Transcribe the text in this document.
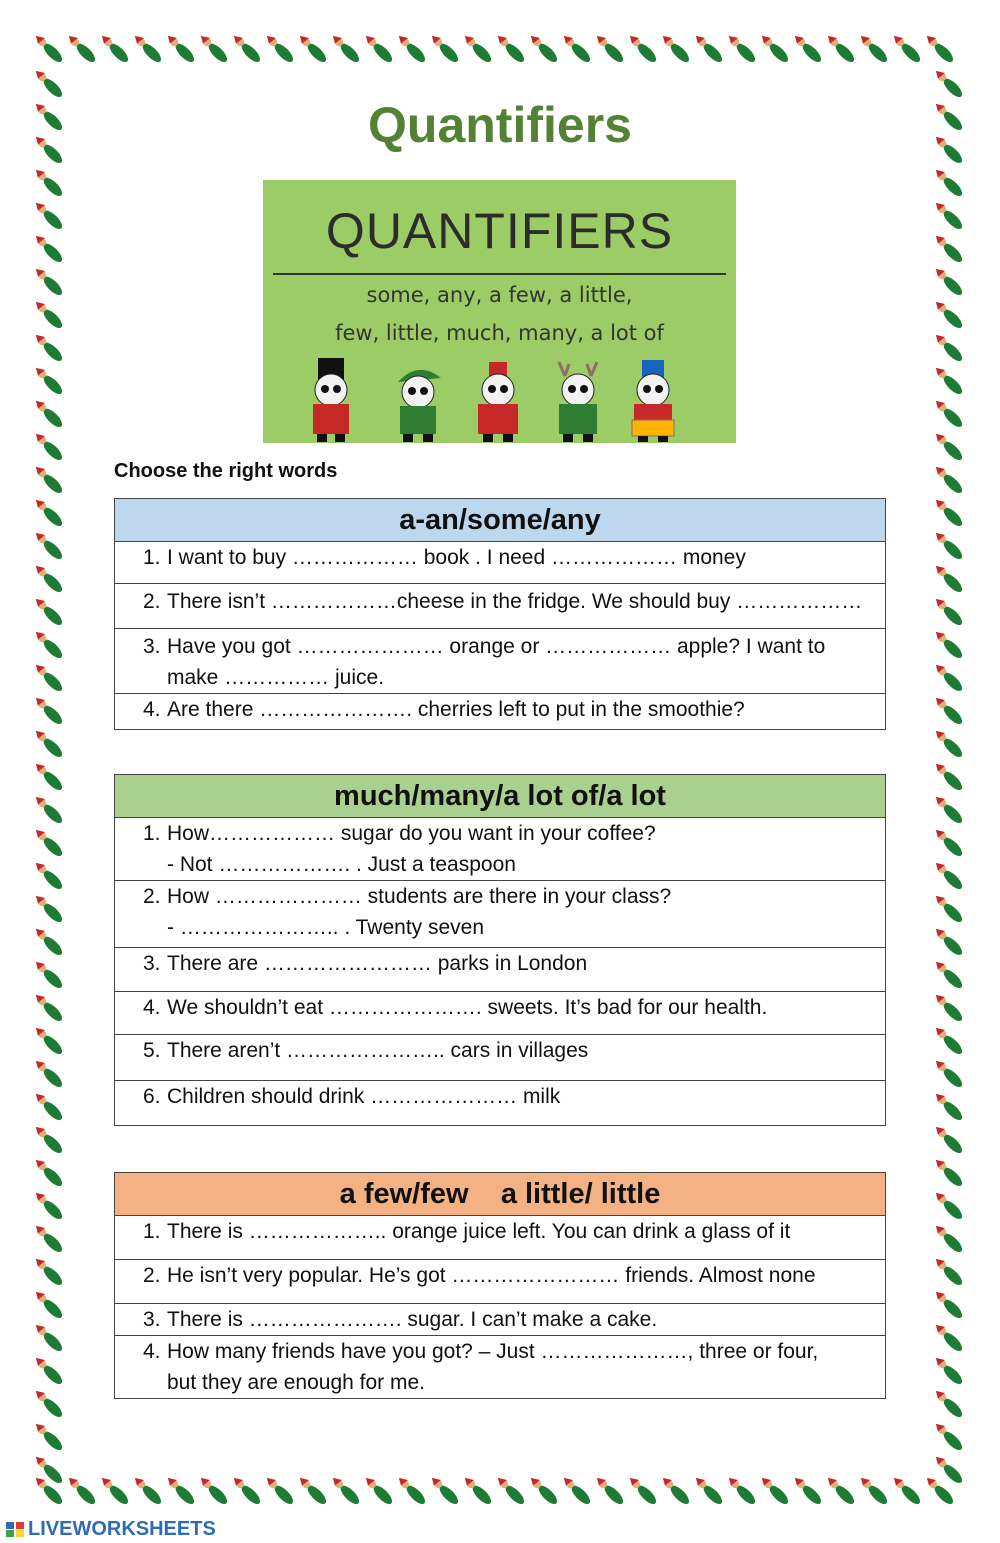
Quantifiers
QUANTIFIERS
some, any, a few, a little,
few, little, much, many, a lot of
Choose the right words
a-an/some/any
1. I want to buy ……………… book . I need ……………… money
2. There isn’t ………………cheese in the fridge. We should buy ………………
3. Have you got ………………… orange or ……………… apple? I want to
make …………… juice.

4. Are there …………………. cherries left to put in the smoothie?
much/many/a lot of/a lot
1. How……………… sugar do you want in your coffee?
- Not ………………. . Just a teaspoon

2. How ………………… students are there in your class?
- ………………….. . Twenty seven

3. There are …………………… parks in London
4. We shouldn’t eat …………………. sweets. It’s bad for our health.
5. There aren’t ………………….. cars in villages
6. Children should drink ………………… milk
a few/few    a little/ little
1. There is ……………….. orange juice left. You can drink a glass of it
2. He isn’t very popular. He’s got …………………… friends. Almost none
3. There is …………………. sugar. I can’t make a cake.
4. How many friends have you got? – Just …………………, three or four,
but they are enough for me.
LIVEWORKSHEETS
